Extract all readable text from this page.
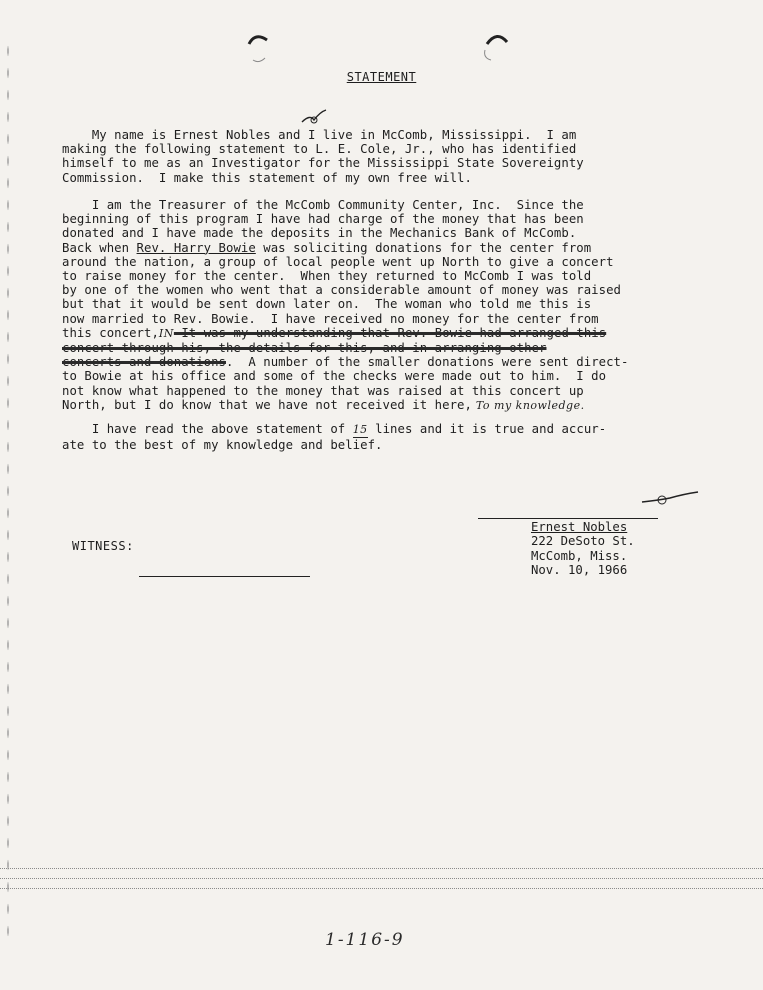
STATEMENT
My name is Ernest Nobles and I live in McComb, Mississippi.  I am
making the following statement to L. E. Cole, Jr., who has identified
himself to me as an Investigator for the Mississippi State Sovereignty
Commission.  I make this statement of my own free will.
I am the Treasurer of the McComb Community Center, Inc.  Since the
beginning of this program I have had charge of the money that has been
donated and I have made the deposits in the Mechanics Bank of McComb.
Back when Rev. Harry Bowie was soliciting donations for the center from
around the nation, a group of local people went up North to give a concert
to raise money for the center.  When they returned to McComb I was told
by one of the women who went that a considerable amount of money was raised
but that it would be sent down later on.  The woman who told me this is
now married to Rev. Bowie.  I have received no money for the center from
this concert,IN It was my understanding that Rev. Bowie had arranged this
concert through his, the details for this, and in arranging other
concerts and donations.  A number of the smaller donations were sent direct-
to Bowie at his office and some of the checks were made out to him.  I do
not know what happened to the money that was raised at this concert up
North, but I do know that we have not received it here, To my knowledge.
I have read the above statement of 15 lines and it is true and accur-
ate to the best of my knowledge and belief.
Ernest Nobles
222 DeSoto St.
McComb, Miss.
Nov. 10, 1966
WITNESS:
1-116-9
